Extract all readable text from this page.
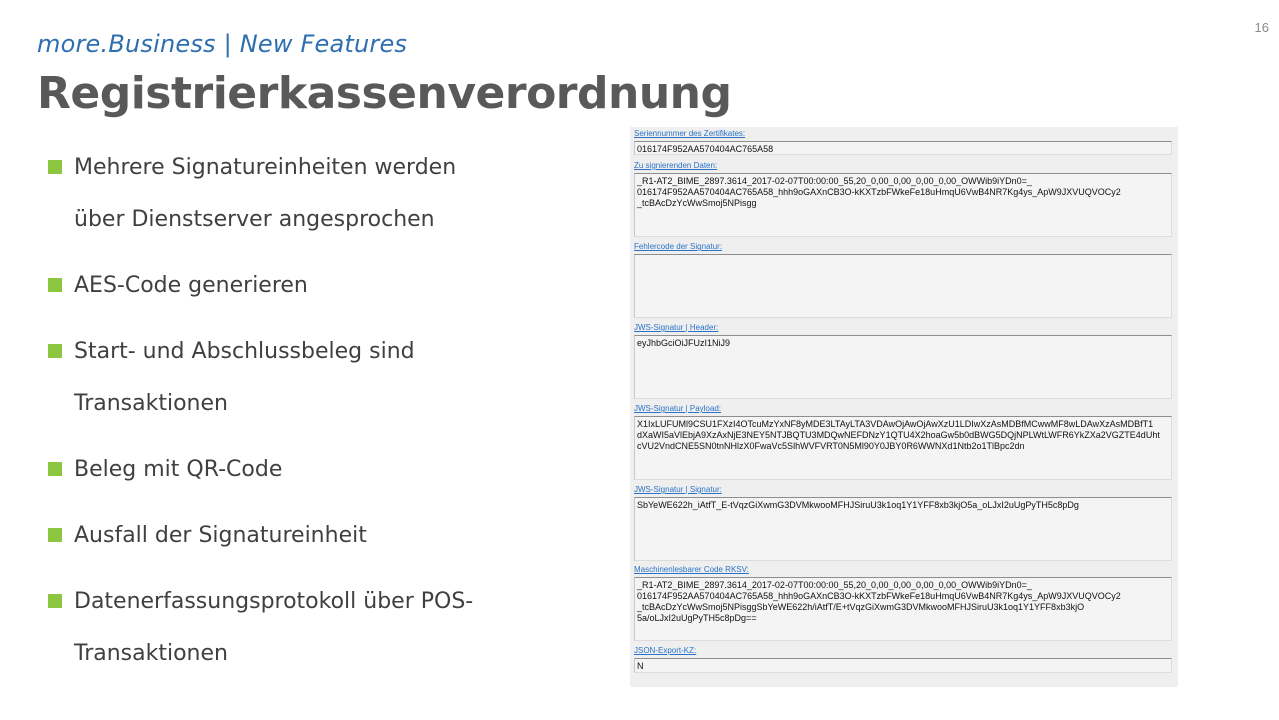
16
more.Business | New Features
Registrierkassenverordnung
Mehrere Signatureinheiten werden
über Dienstserver angesprochen
AES-Code generieren
Start- und Abschlussbeleg sind
Transaktionen
Beleg mit QR-Code
Ausfall der Signatureinheit
Datenerfassungsprotokoll über POS-
Transaktionen
Seriennummer des Zertifikates:
016174F952AA570404AC765A58
Zu signierenden Daten:
_R1-AT2_BIME_2897.3614_2017-02-07T00:00:00_55,20_0,00_0,00_0,00_0,00_OWWib9iYDn0=_
016174F952AA570404AC765A58_hhh9oGAXnCB3O-kKXTzbFWkeFe18uHmqU6VwB4NR7Kg4ys_ApW9JXVUQVOCy2
_tcBAcDzYcWwSmoj5NPisgg
Fehlercode der Signatur:
JWS-Signatur | Header:
eyJhbGciOiJFUzI1NiJ9
JWS-Signatur | Payload:
X1IxLUFUMl9CSU1FXzI4OTcuMzYxNF8yMDE3LTAyLTA3VDAwOjAwOjAwXzU1LDIwXzAsMDBfMCwwMF8wLDAwXzAsMDBfT1
dXaWI5aVlEbjA9XzAxNjE3NEY5NTJBQTU3MDQwNEFDNzY1QTU4X2hoaGw5b0dBWG5DQjNPLWtLWFR6YkZXa2VGZTE4dUht
cVU2VndCNE5SN0tnNHlzX0FwaVc5SlhWVFVRT0N5Ml90Y0JBY0R6WWNXd1Ntb2o1TlBpc2dn
JWS-Signatur | Signatur:
SbYeWE622h_iAtfT_E-tVqzGiXwmG3DVMkwooMFHJSiruU3k1oq1Y1YFF8xb3kjO5a_oLJxI2uUgPyTH5c8pDg
Maschinenlesbarer Code RKSV:
_R1-AT2_BIME_2897.3614_2017-02-07T00:00:00_55,20_0,00_0,00_0,00_0,00_OWWib9iYDn0=_
016174F952AA570404AC765A58_hhh9oGAXnCB3O-kKXTzbFWkeFe18uHmqU6VwB4NR7Kg4ys_ApW9JXVUQVOCy2
_tcBAcDzYcWwSmoj5NPisggSbYeWE622h/iAtfT/E+tVqzGiXwmG3DVMkwooMFHJSiruU3k1oq1Y1YFF8xb3kjO
5a/oLJxI2uUgPyTH5c8pDg==
JSON-Export-KZ:
N
